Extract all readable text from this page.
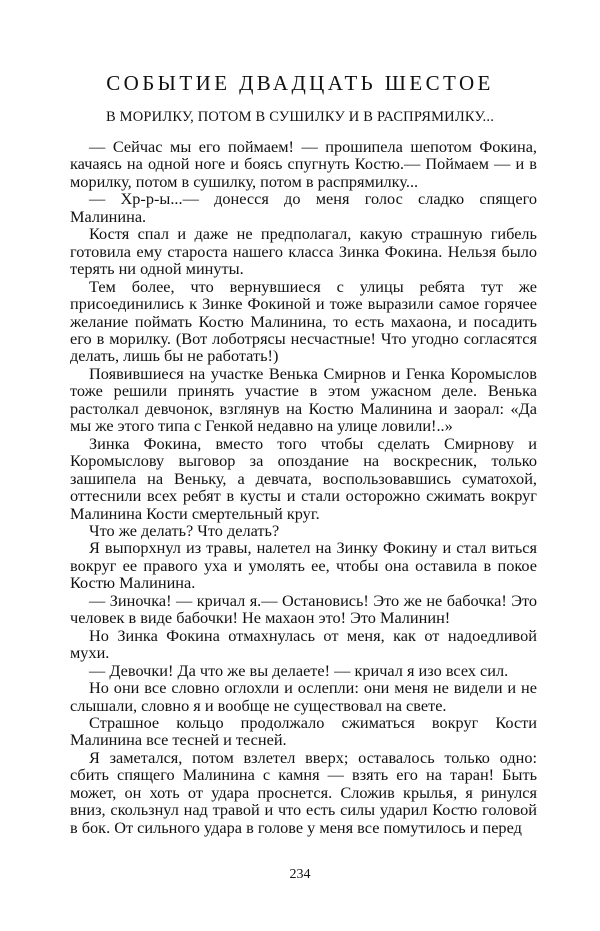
СОБЫТИЕ ДВАДЦАТЬ ШЕСТОЕ
В МОРИЛКУ, ПОТОМ В СУШИЛКУ И В РАСПРЯМИЛКУ...

— Сейчас мы его поймаем! — прошипела шепотом Фокина, качаясь на одной ноге и боясь спугнуть Костю.— Поймаем — и в морилку, потом в сушилку, потом в распрямилку...

— Хр-р-ы...— донесся до меня голос сладко спящего Малинина.

Костя спал и даже не предполагал, какую страшную гибель готовила ему староста нашего класса Зинка Фокина. Нельзя было терять ни одной минуты.

Тем более, что вернувшиеся с улицы ребята тут же присоединились к Зинке Фокиной и тоже выразили самое горячее желание поймать Костю Малинина, то есть махаона, и посадить его в морилку. (Вот лоботрясы несчастные! Что угодно согласятся делать, лишь бы не работать!)

Появившиеся на участке Венька Смирнов и Генка Коромыслов тоже решили принять участие в этом ужасном деле. Венька растолкал девчонок, взглянув на Костю Малинина и заорал: «Да мы же этого типа с Генкой недавно на улице ловили!..»

Зинка Фокина, вместо того чтобы сделать Смирнову и Коромыслову выговор за опоздание на воскресник, только зашипела на Веньку, а девчата, воспользовавшись суматохой, оттеснили всех ребят в кусты и стали осторожно сжимать вокруг Малинина Кости смертельный круг.

Что же делать? Что делать?

Я выпорхнул из травы, налетел на Зинку Фокину и стал виться вокруг ее правого уха и умолять ее, чтобы она оставила в покое Костю Малинина.

— Зиночка! — кричал я.— Остановись! Это же не бабочка! Это человек в виде бабочки! Не махаон это! Это Малинин!

Но Зинка Фокина отмахнулась от меня, как от надоедливой мухи.

— Девочки! Да что же вы делаете! — кричал я изо всех сил.

Но они все словно оглохли и ослепли: они меня не видели и не слышали, словно я и вообще не существовал на свете.

Страшное кольцо продолжало сжиматься вокруг Кости Малинина все тесней и тесней.

Я заметался, потом взлетел вверх; оставалось только одно: сбить спящего Малинина с камня — взять его на таран! Быть может, он хоть от удара проснется. Сложив крылья, я ринулся вниз, скользнул над травой и что есть силы ударил Костю головой в бок. От сильного удара в голове у меня все помутилось и перед

234
